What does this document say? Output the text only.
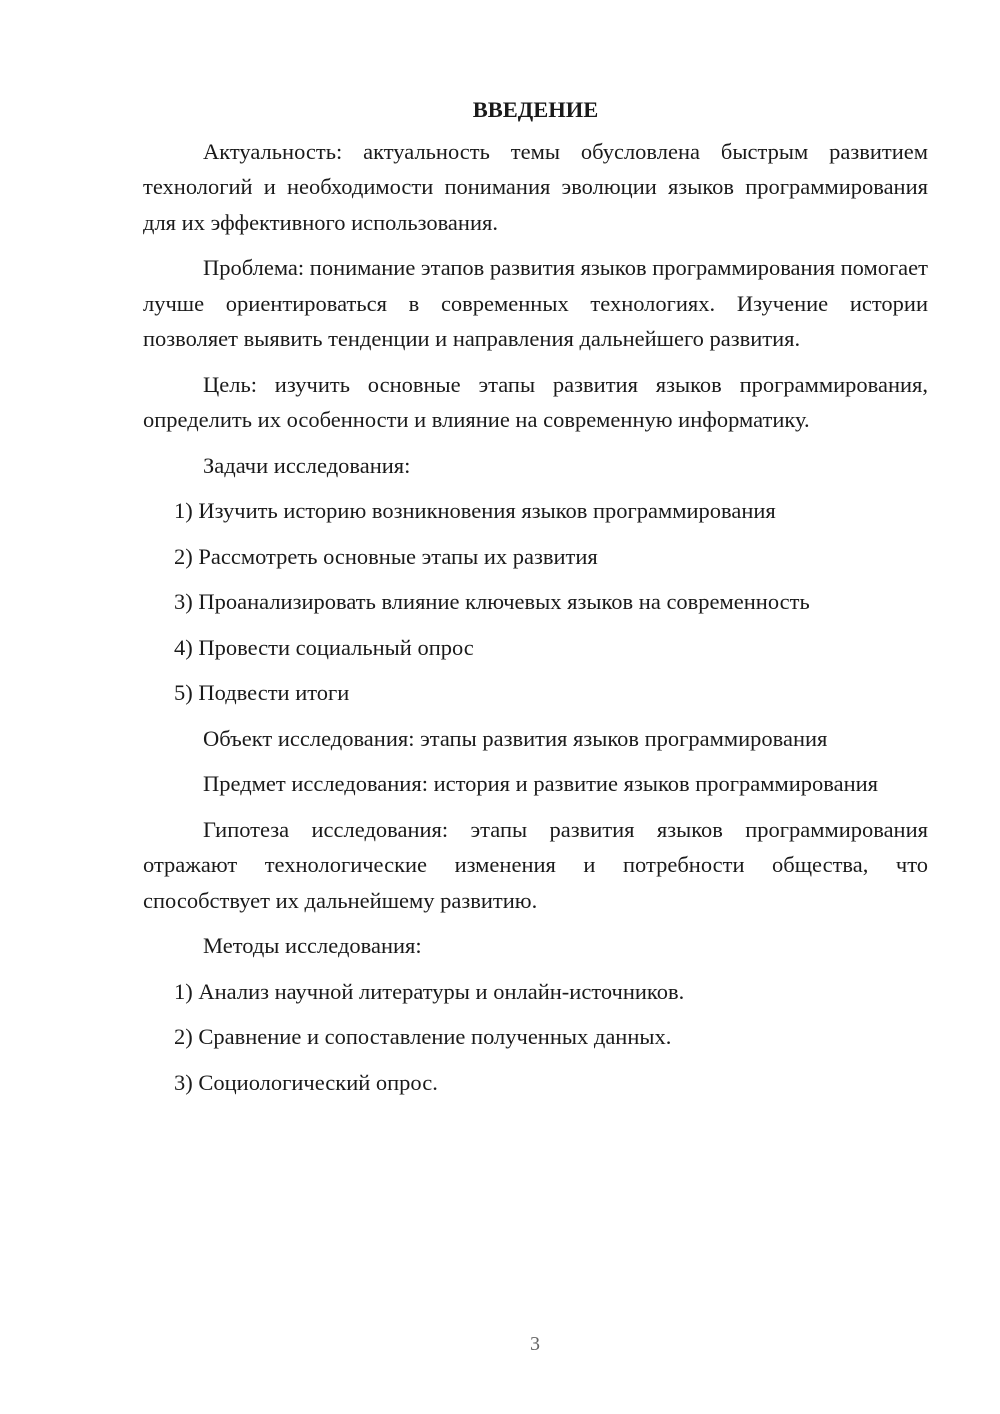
ВВЕДЕНИЕ

Актуальность: актуальность темы обусловлена быстрым развитием технологий и необходимости понимания эволюции языков программирования для их эффективного использования.

Проблема: понимание этапов развития языков программирования помогает лучше ориентироваться в современных технологиях. Изучение истории позволяет выявить тенденции и направления дальнейшего развития.

Цель: изучить основные этапы развития языков программирования, определить их особенности и влияние на современную информатику.

Задачи исследования:

1) Изучить историю возникновения языков программирования

2) Рассмотреть основные этапы их развития

3) Проанализировать влияние ключевых языков на современность

4) Провести социальный опрос

5) Подвести итоги

Объект исследования: этапы развития языков программирования

Предмет исследования: история и развитие языков программирования

Гипотеза исследования: этапы развития языков программирования отражают технологические изменения и потребности общества, что способствует их дальнейшему развитию.

Методы исследования:

1) Анализ научной литературы и онлайн-источников.

2) Сравнение и сопоставление полученных данных.

3) Социологический опрос.

3
